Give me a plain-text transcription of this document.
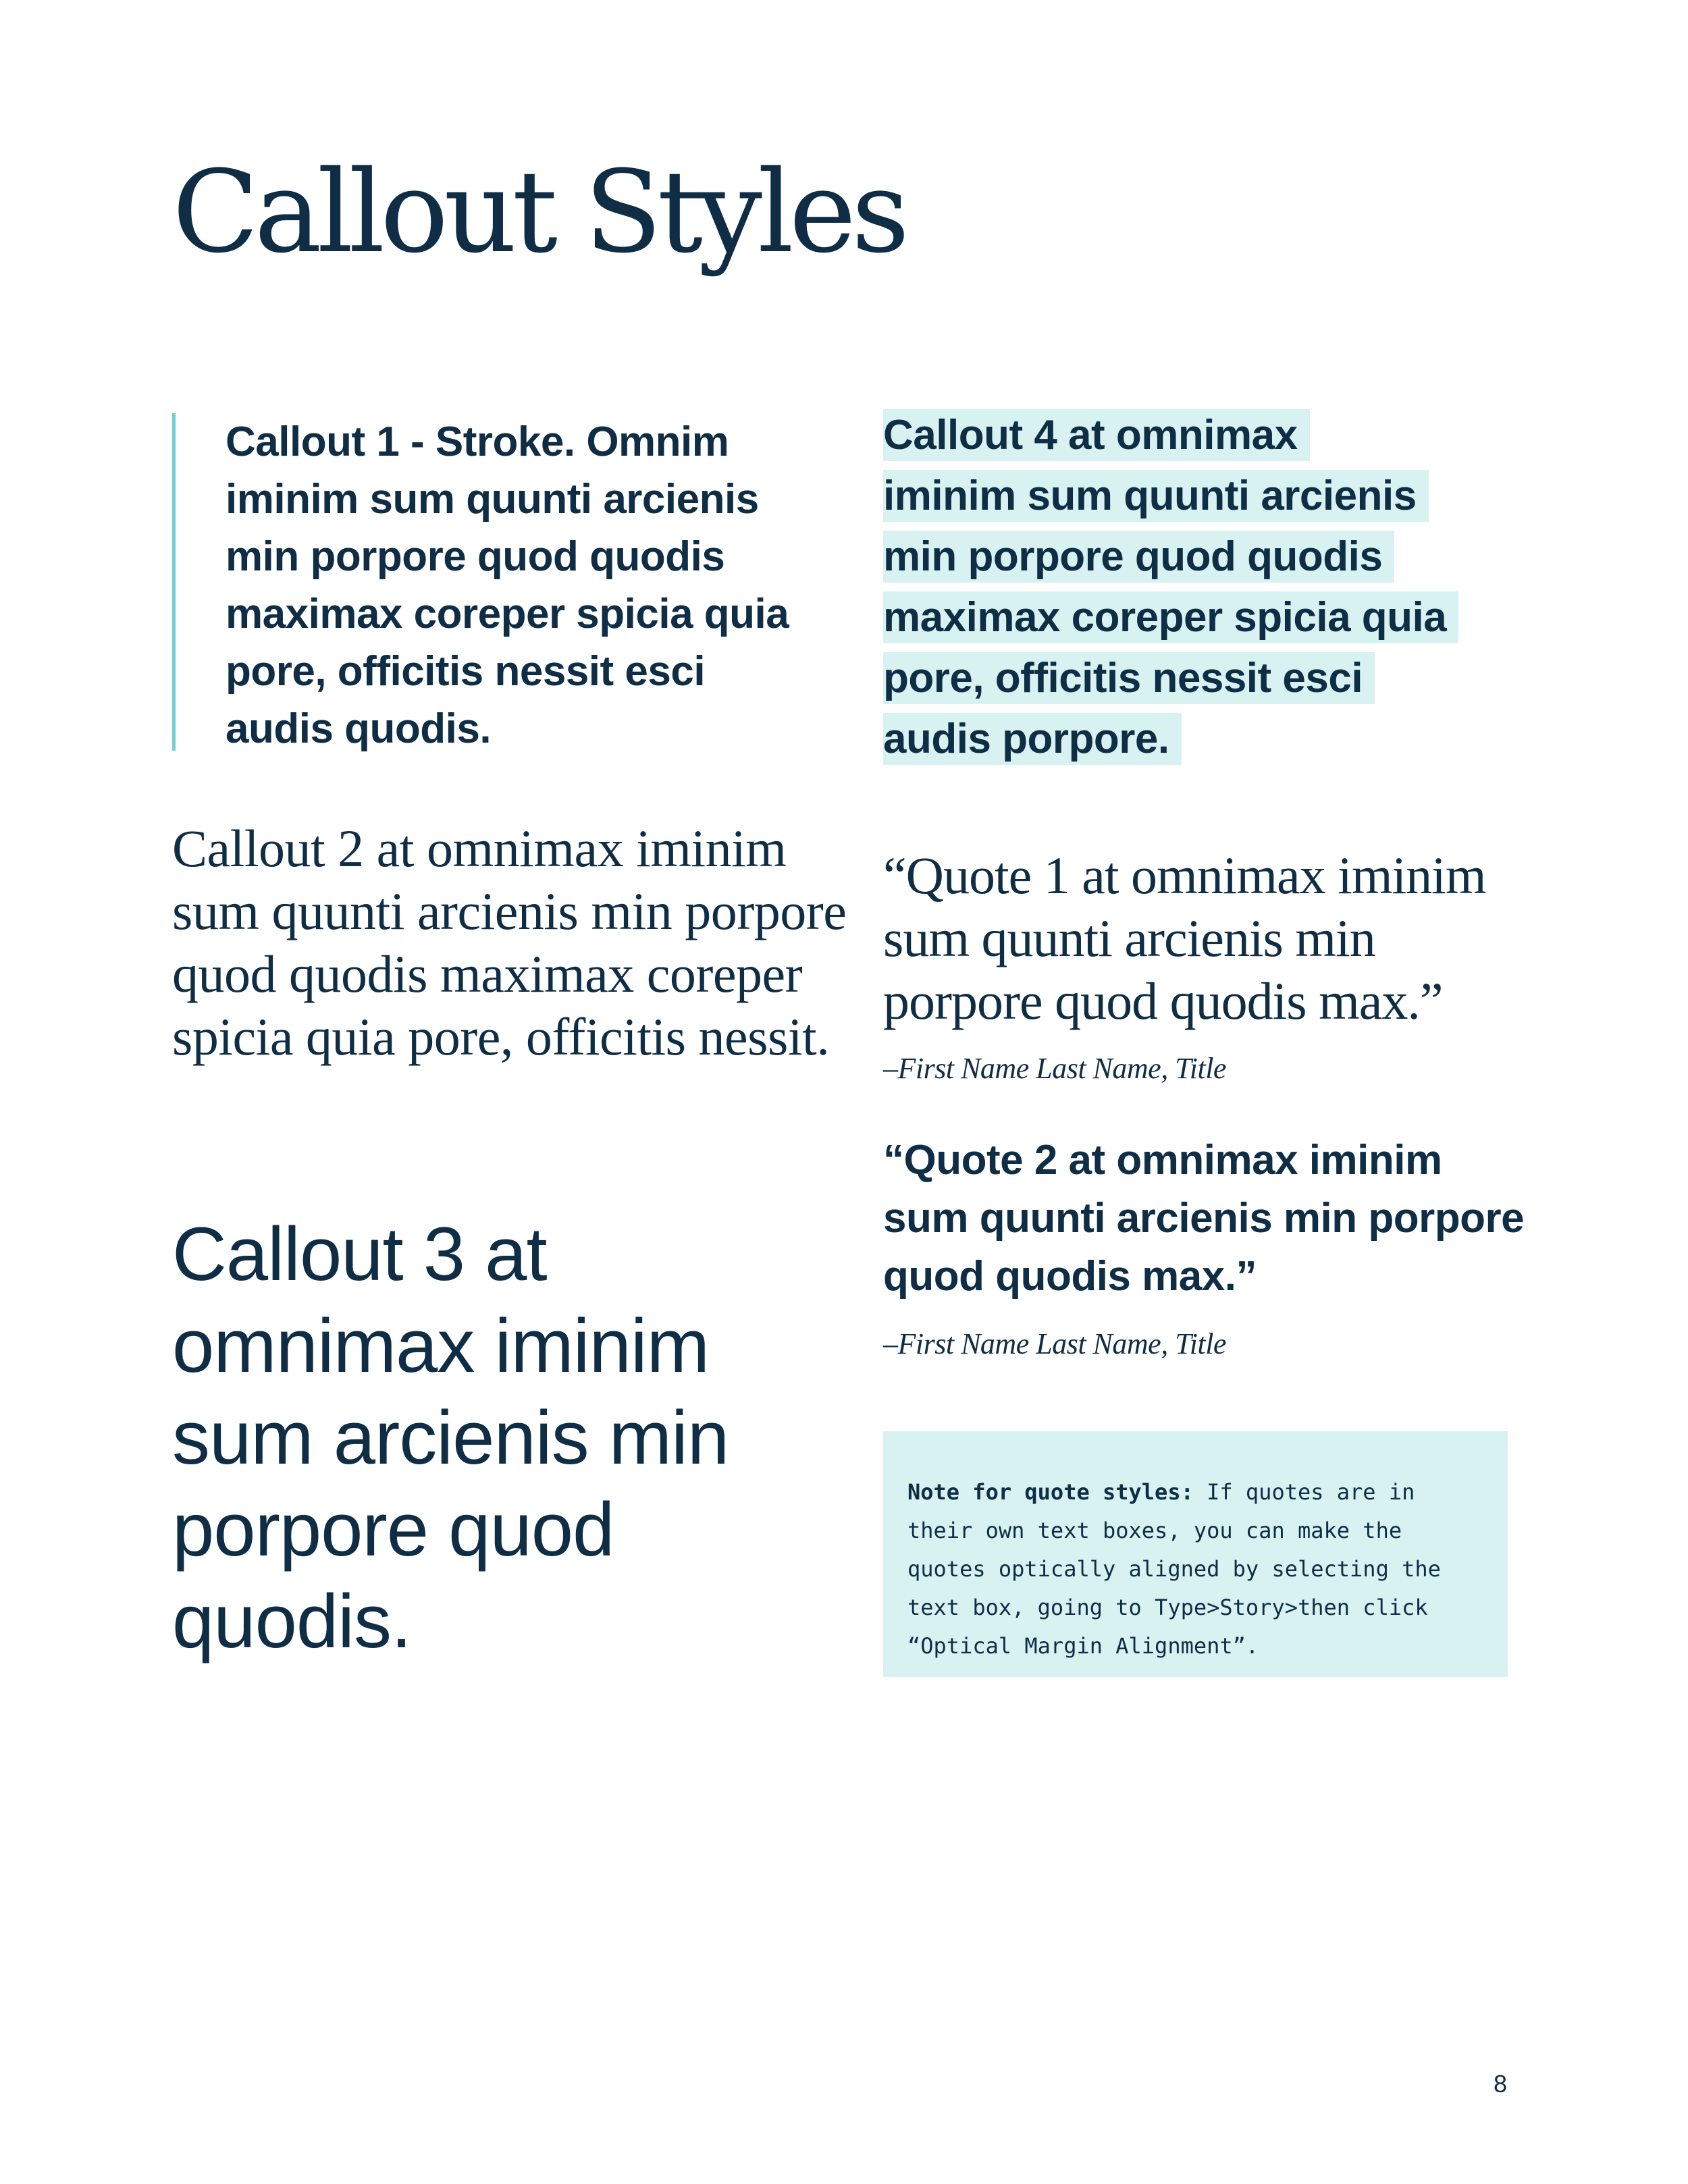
Callout Styles

Callout 1 - Stroke. Omnim iminim sum quunti arcienis min porpore quod quodis maximax coreper spicia quia pore, officitis nessit esci audis quodis.

Callout 2 at omnimax iminim sum quunti arcienis min porpore quod quodis maximax coreper spicia quia pore, officitis nessit.

Callout 3 at omnimax iminim sum arcienis min porpore quod quodis.

Callout 4 at omnimax
iminim sum quunti arcienis
min porpore quod quodis
maximax coreper spicia quia
pore, officitis nessit esci
audis porpore.

“Quote 1 at omnimax iminim sum quunti arcienis min porpore quod quodis max.”

–First Name Last Name, Title

“Quote 2 at omnimax iminim sum quunti arcienis min porpore quod quodis max.”

–First Name Last Name, Title

Note for quote styles: If quotes are in their own text boxes, you can make the quotes optically aligned by selecting the text box, going to Type>Story>then click “Optical Margin Alignment”.

8
